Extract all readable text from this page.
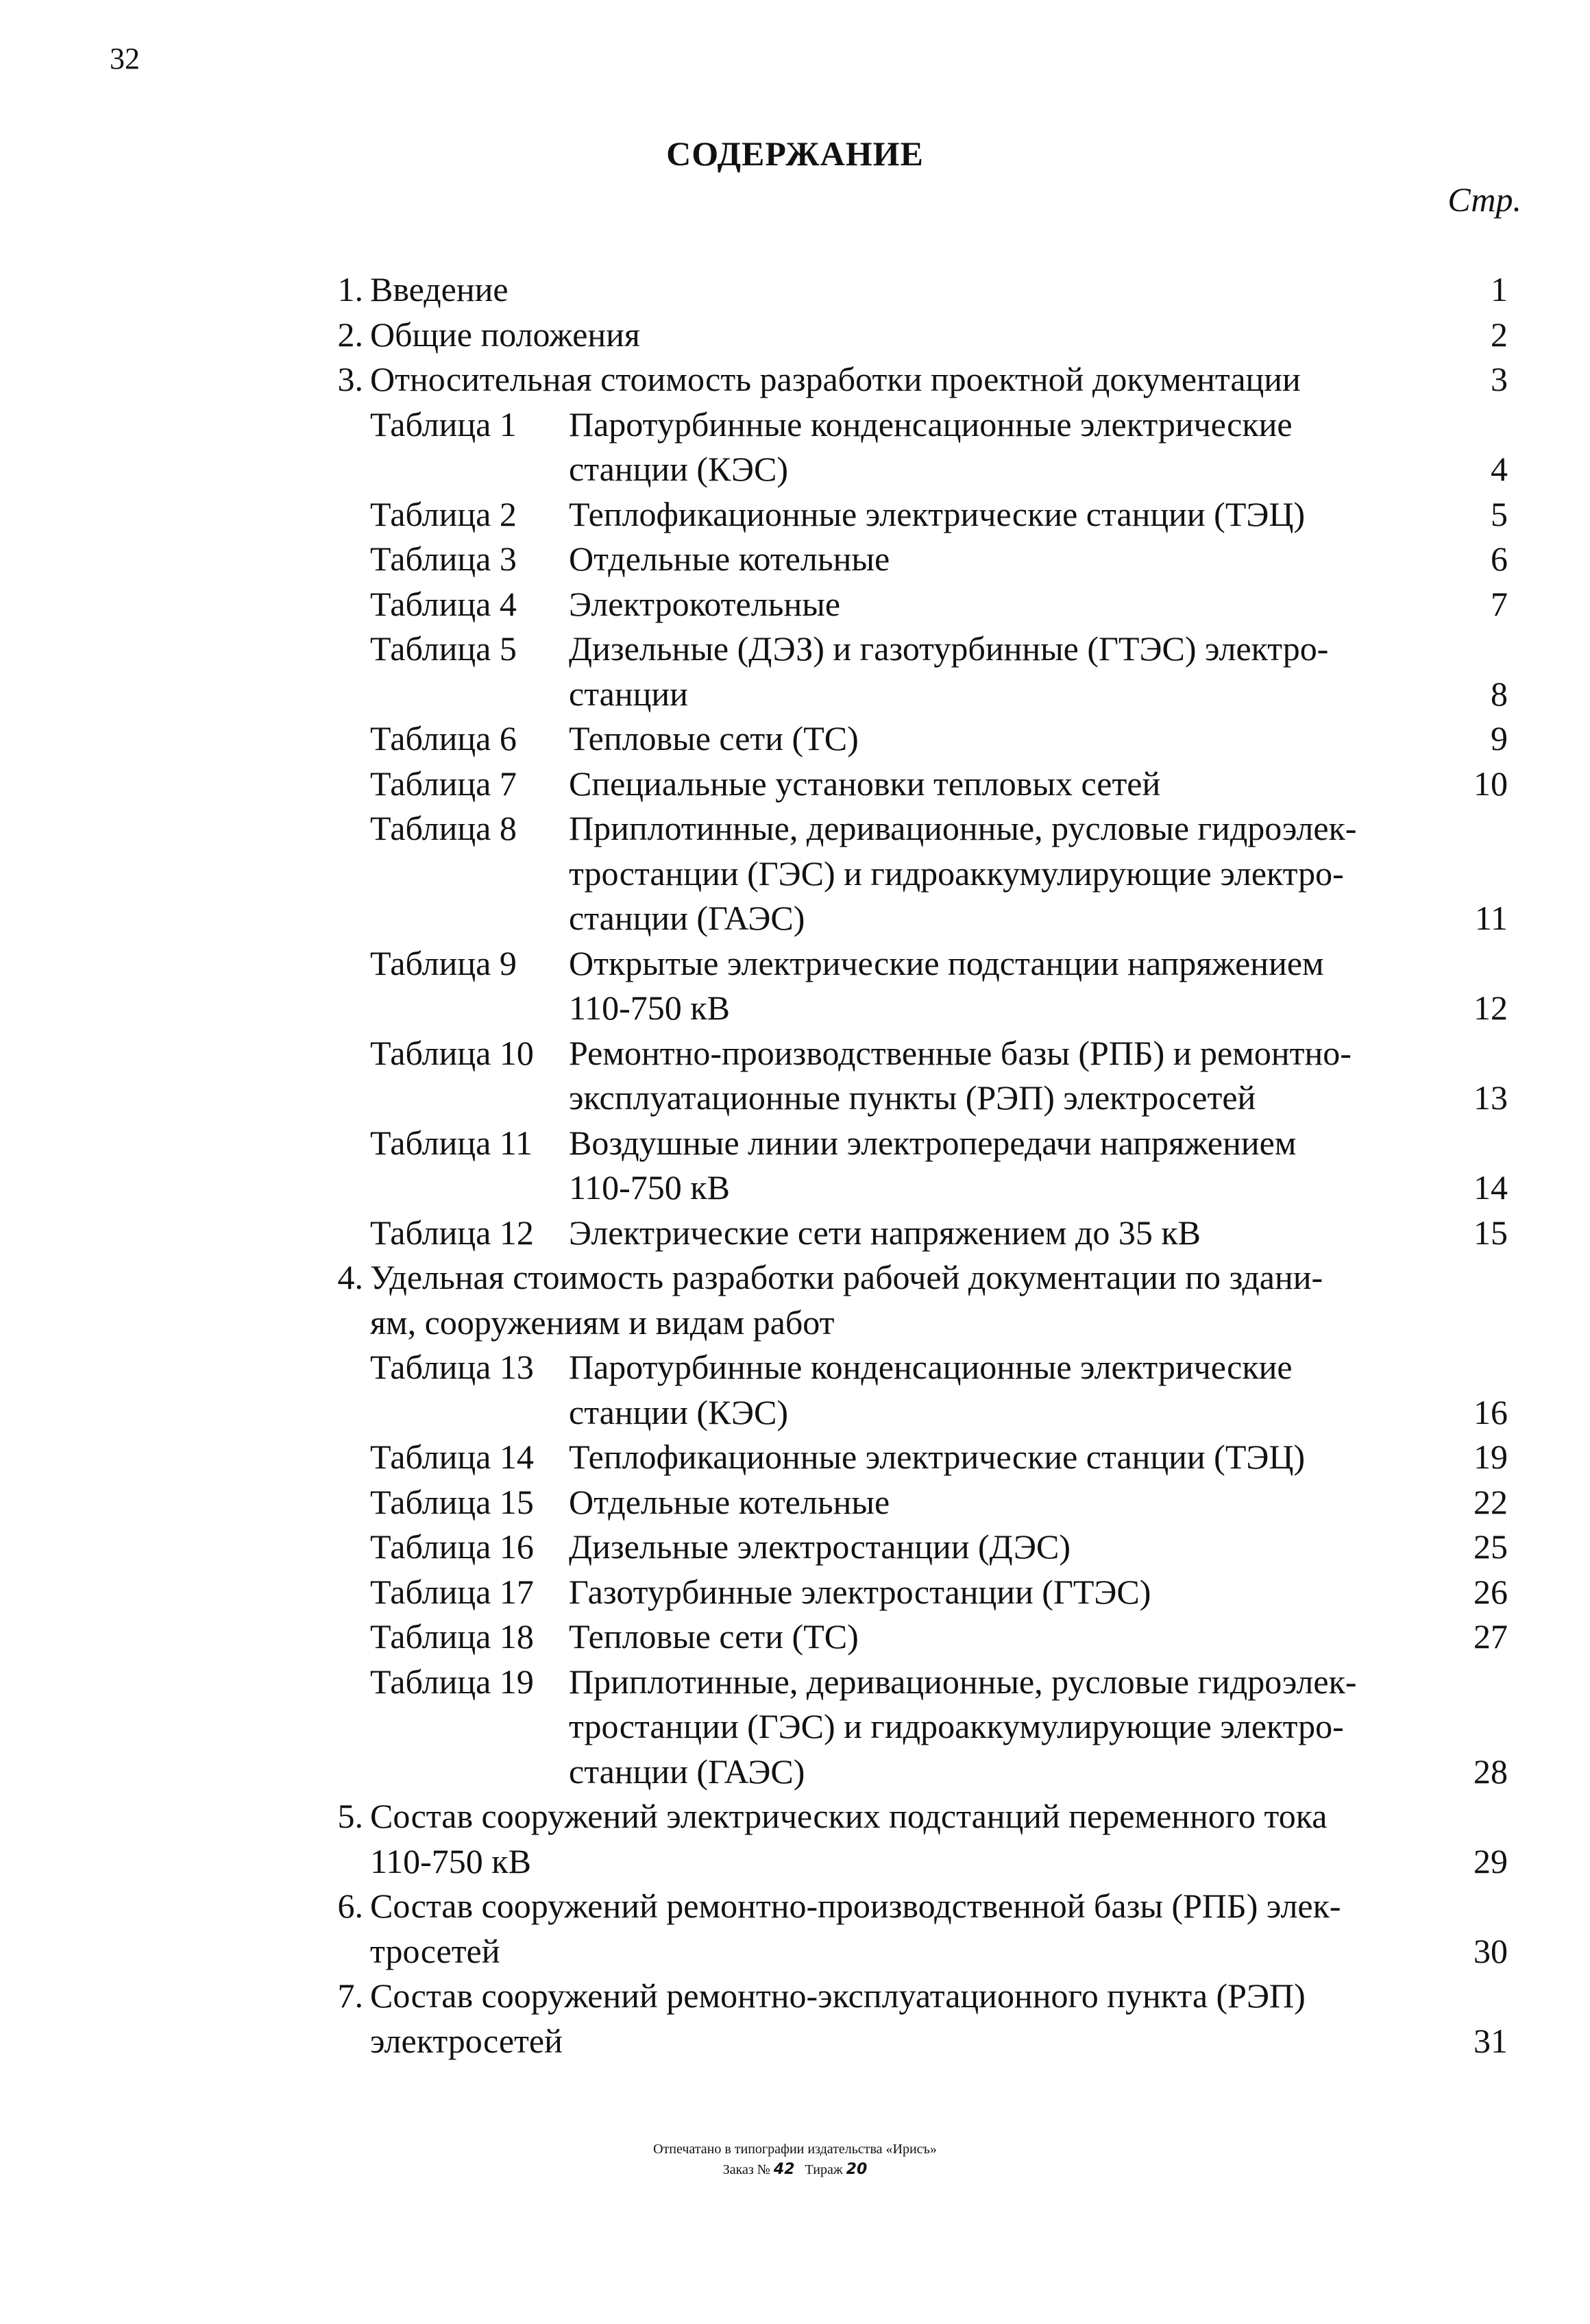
32
СОДЕРЖАНИЕ
Стр.
1. Введение	1
2. Общие положения	2
3. Относительная стоимость разработки проектной документации	3
Таблица 1 Паротурбинные конденсационные электрические
станции (КЭС)	4
Таблица 2 Теплофикационные электрические станции (ТЭЦ)	5
Таблица 3 Отдельные котельные	6
Таблица 4 Электрокотельные	7
Таблица 5 Дизельные (ДЭЗ) и газотурбинные (ГТЭС) электро-
станции	8
Таблица 6 Тепловые сети (ТС)	9
Таблица 7 Специальные установки тепловых сетей	10
Таблица 8 Приплотинные, деривационные, русловые гидроэлек-
тростанции (ГЭС) и гидроаккумулирующие электро-
станции (ГАЭС)	11
Таблица 9 Открытые электрические подстанции напряжением
110-750 кВ	12
Таблица 10 Ремонтно-производственные базы (РПБ) и ремонтно-
эксплуатационные пункты (РЭП) электросетей	13
Таблица 11 Воздушные линии электропередачи напряжением
110-750 кВ	14
Таблица 12 Электрические сети напряжением до 35 кВ	15
4. Удельная стоимость разработки рабочей документации по здани-
ям, сооружениям и видам работ
Таблица 13 Паротурбинные конденсационные электрические
станции (КЭС)	16
Таблица 14 Теплофикационные электрические станции (ТЭЦ)	19
Таблица 15 Отдельные котельные	22
Таблица 16 Дизельные электростанции (ДЭС)	25
Таблица 17 Газотурбинные электростанции (ГТЭС)	26
Таблица 18 Тепловые сети (ТС)	27
Таблица 19 Приплотинные, деривационные, русловые гидроэлек-
тростанции (ГЭС) и гидроаккумулирующие электро-
станции (ГАЭС)	28
5. Состав сооружений электрических подстанций переменного тока
110-750 кВ	29
6. Состав сооружений ремонтно-производственной базы (РПБ) элек-
тросетей	30
7. Состав сооружений ремонтно-эксплуатационного пункта (РЭП)
электросетей	31
Отпечатано в типографии издательства «Ирисъ»
Заказ № 42 Тираж 20
